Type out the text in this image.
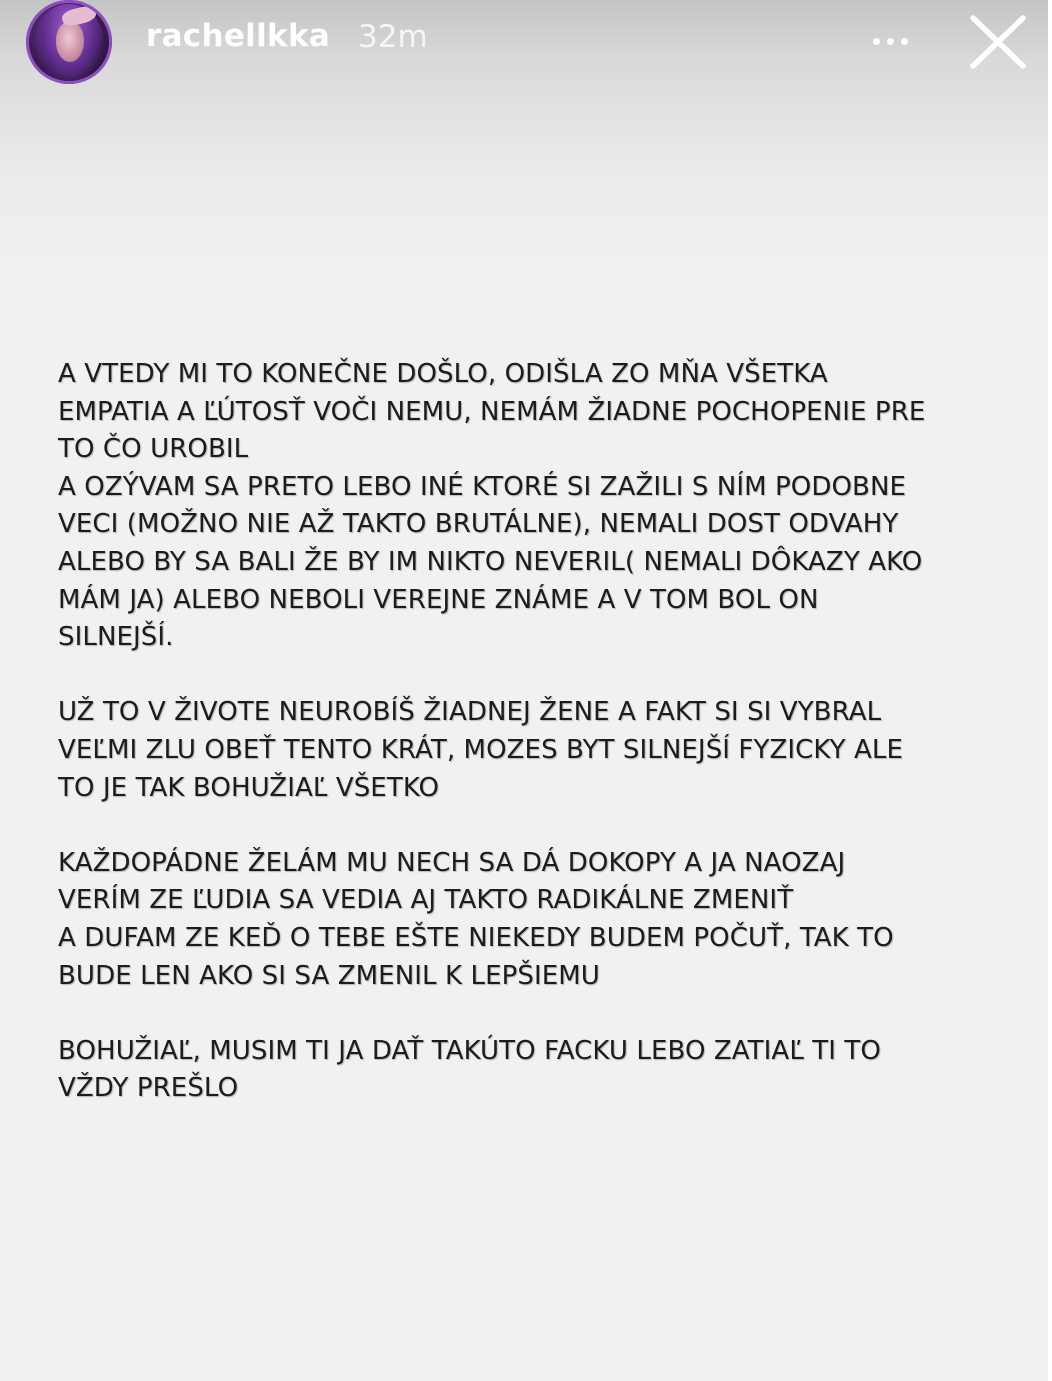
rachellkka 32m
A VTEDY MI TO KONEČNE DOŠLO, ODIŠLA ZO MŇA VŠETKA
EMPATIA A ĽÚTOSŤ VOČI NEMU, NEMÁM ŽIADNE POCHOPENIE PRE
TO ČO UROBIL
A OZÝVAM SA PRETO LEBO INÉ KTORÉ SI ZAŽILI S NÍM PODOBNE
VECI (MOŽNO NIE AŽ TAKTO BRUTÁLNE), NEMALI DOST ODVAHY
ALEBO BY SA BALI ŽE BY IM NIKTO NEVERIL( NEMALI DÔKAZY AKO
MÁM JA) ALEBO NEBOLI VEREJNE ZNÁME A V TOM BOL ON
SILNEJŠÍ.
UŽ TO V ŽIVOTE NEUROBÍŠ ŽIADNEJ ŽENE A FAKT SI SI VYBRAL
VEĽMI ZLU OBEŤ TENTO KRÁT, MOZES BYT SILNEJŠÍ FYZICKY ALE
TO JE TAK BOHUŽIAĽ VŠETKO
KAŽDOPÁDNE ŽELÁM MU NECH SA DÁ DOKOPY A JA NAOZAJ
VERÍM ZE ĽUDIA SA VEDIA AJ TAKTO RADIKÁLNE ZMENIŤ
A DUFAM ZE KEĎ O TEBE EŠTE NIEKEDY BUDEM POČUŤ, TAK TO
BUDE LEN AKO SI SA ZMENIL K LEPŠIEMU
BOHUŽIAĽ, MUSIM TI JA DAŤ TAKÚTO FACKU LEBO ZATIAĽ TI TO
VŽDY PREŠLO
